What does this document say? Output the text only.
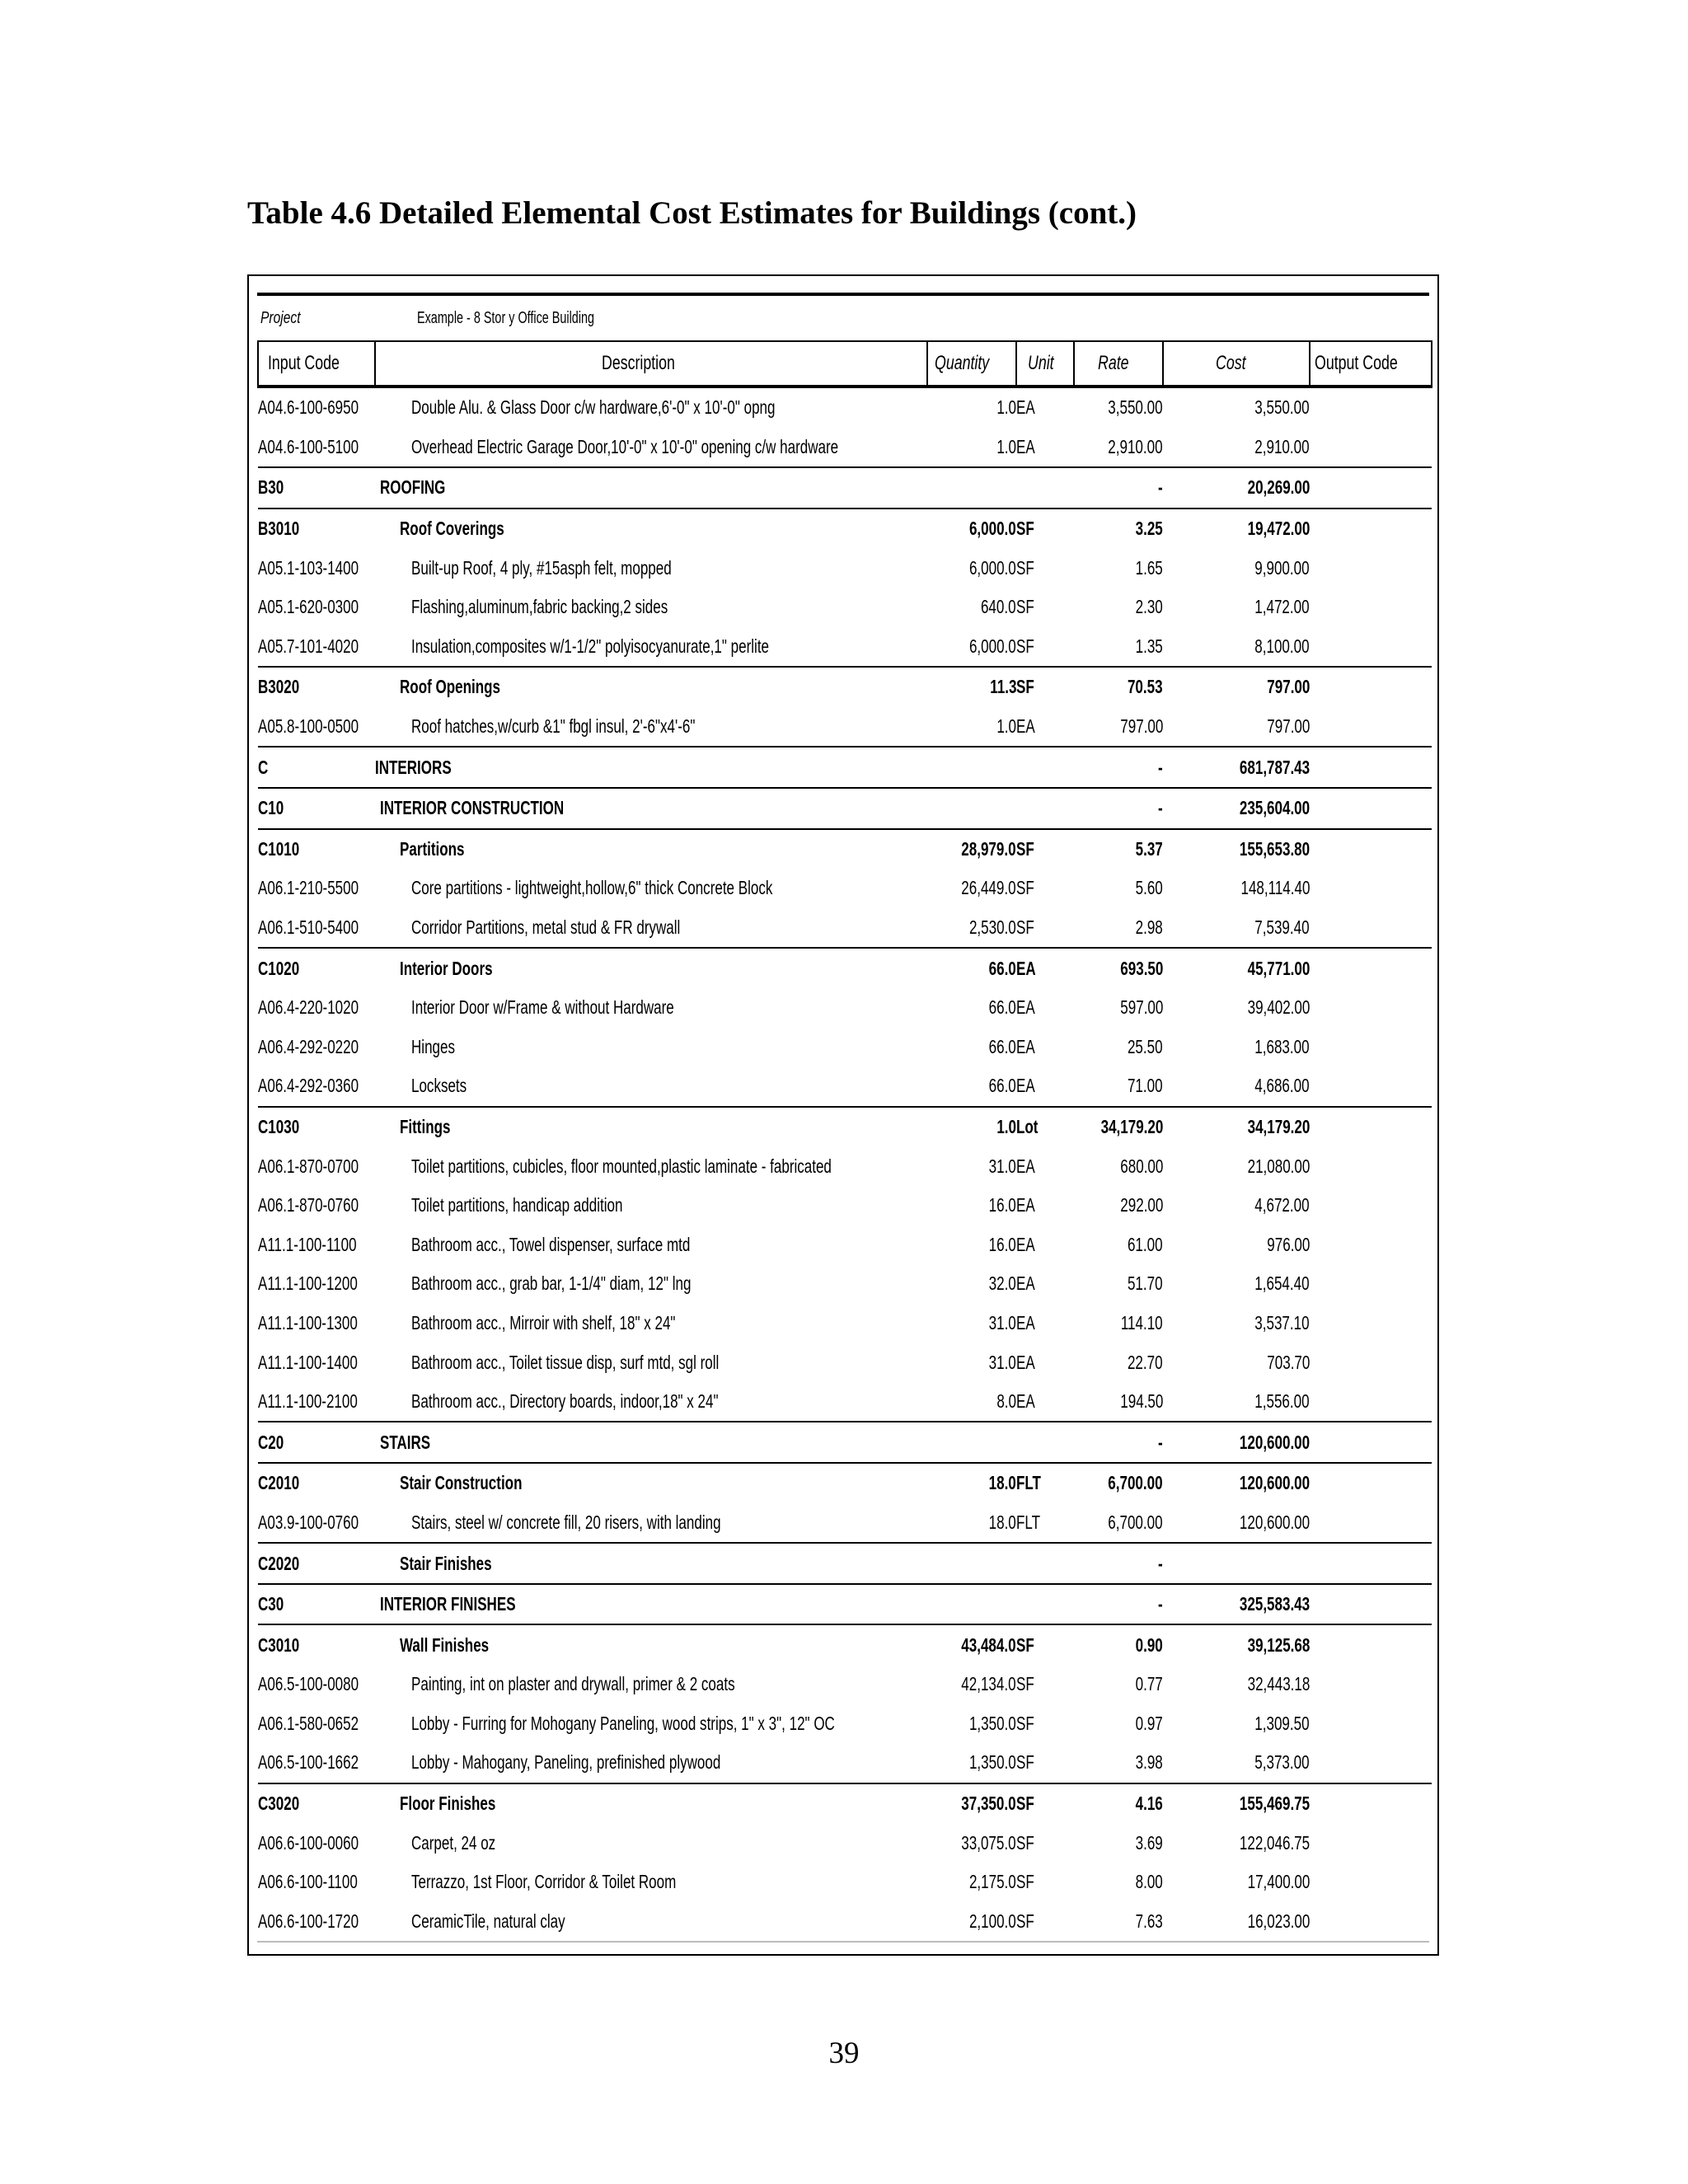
Table 4.6 Detailed Elemental Cost Estimates for Buildings (cont.)
Project	Example - 8 Stor y Office Building
Input Code	Description	Quantity	Unit	Rate	Cost	Output Code
A04.6-100-6950	Double Alu. & Glass Door c/w hardware,6'-0" x 10'-0" opng	1.0	EA	3,550.00	3,550.00	
A04.6-100-5100	Overhead Electric Garage Door,10'-0" x 10'-0" opening c/w hardware	1.0	EA	2,910.00	2,910.00	
B30	ROOFING			-	20,269.00	
B3010	Roof Coverings	6,000.0	SF	3.25	19,472.00	
A05.1-103-1400	Built-up Roof, 4 ply, #15asph felt, mopped	6,000.0	SF	1.65	9,900.00	
A05.1-620-0300	Flashing,aluminum,fabric backing,2 sides	640.0	SF	2.30	1,472.00	
A05.7-101-4020	Insulation,composites w/1-1/2" polyisocyanurate,1" perlite	6,000.0	SF	1.35	8,100.00	
B3020	Roof Openings	11.3	SF	70.53	797.00	
A05.8-100-0500	Roof hatches,w/curb &1" fbgl insul, 2'-6"x4'-6"	1.0	EA	797.00	797.00	
C	INTERIORS			-	681,787.43	
C10	INTERIOR CONSTRUCTION			-	235,604.00	
C1010	Partitions	28,979.0	SF	5.37	155,653.80	
A06.1-210-5500	Core partitions - lightweight,hollow,6" thick Concrete Block	26,449.0	SF	5.60	148,114.40	
A06.1-510-5400	Corridor Partitions, metal stud & FR drywall	2,530.0	SF	2.98	7,539.40	
C1020	Interior Doors	66.0	EA	693.50	45,771.00	
A06.4-220-1020	Interior Door w/Frame & without Hardware	66.0	EA	597.00	39,402.00	
A06.4-292-0220	Hinges	66.0	EA	25.50	1,683.00	
A06.4-292-0360	Locksets	66.0	EA	71.00	4,686.00	
C1030	Fittings	1.0	Lot	34,179.20	34,179.20	
A06.1-870-0700	Toilet partitions, cubicles, floor mounted,plastic laminate - fabricated	31.0	EA	680.00	21,080.00	
A06.1-870-0760	Toilet partitions, handicap addition	16.0	EA	292.00	4,672.00	
A11.1-100-1100	Bathroom acc., Towel dispenser, surface mtd	16.0	EA	61.00	976.00	
A11.1-100-1200	Bathroom acc., grab bar, 1-1/4" diam, 12" lng	32.0	EA	51.70	1,654.40	
A11.1-100-1300	Bathroom acc., Mirroir with shelf, 18" x 24"	31.0	EA	114.10	3,537.10	
A11.1-100-1400	Bathroom acc., Toilet tissue disp, surf mtd, sgl roll	31.0	EA	22.70	703.70	
A11.1-100-2100	Bathroom acc., Directory boards, indoor,18" x 24"	8.0	EA	194.50	1,556.00	
C20	STAIRS			-	120,600.00	
C2010	Stair Construction	18.0	FLT	6,700.00	120,600.00	
A03.9-100-0760	Stairs, steel w/ concrete fill, 20 risers, with landing	18.0	FLT	6,700.00	120,600.00	
C2020	Stair Finishes			-		
C30	INTERIOR FINISHES			-	325,583.43	
C3010	Wall Finishes	43,484.0	SF	0.90	39,125.68	
A06.5-100-0080	Painting, int on plaster and drywall, primer & 2 coats	42,134.0	SF	0.77	32,443.18	
A06.1-580-0652	Lobby - Furring for Mohogany Paneling, wood strips, 1" x 3", 12" OC	1,350.0	SF	0.97	1,309.50	
A06.5-100-1662	Lobby - Mahogany, Paneling, prefinished plywood	1,350.0	SF	3.98	5,373.00	
C3020	Floor Finishes	37,350.0	SF	4.16	155,469.75	
A06.6-100-0060	Carpet, 24 oz	33,075.0	SF	3.69	122,046.75	
A06.6-100-1100	Terrazzo, 1st Floor, Corridor & Toilet Room	2,175.0	SF	8.00	17,400.00	
A06.6-100-1720	CeramicTile, natural clay	2,100.0	SF	7.63	16,023.00	
39
